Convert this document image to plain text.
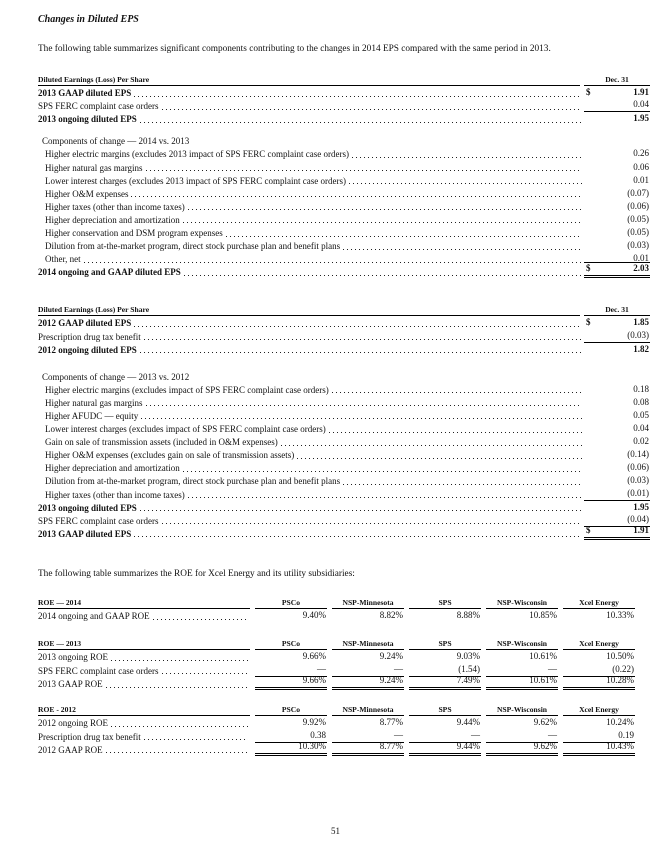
Changes in Diluted EPS
The following table summarizes significant components contributing to the changes in 2014 EPS compared with the same period in 2013.
Diluted Earnings (Loss) Per Share	Dec. 31
2013 GAAP diluted EPS	$	1.91
SPS FERC complaint case orders	0.04
2013 ongoing diluted EPS	1.95
Components of change — 2014 vs. 2013
Higher electric margins (excludes 2013 impact of SPS FERC complaint case orders)	0.26
Higher natural gas margins	0.06
Lower interest charges (excludes 2013 impact of SPS FERC complaint case orders)	0.01
Higher O&M expenses	(0.07)
Higher taxes (other than income taxes)	(0.06)
Higher depreciation and amortization	(0.05)
Higher conservation and DSM program expenses	(0.05)
Dilution from at-the-market program, direct stock purchase plan and benefit plans	(0.03)
Other, net	0.01
2014 ongoing and GAAP diluted EPS	$	2.03
Diluted Earnings (Loss) Per Share	Dec. 31
2012 GAAP diluted EPS	$	1.85
Prescription drug tax benefit	(0.03)
2012 ongoing diluted EPS	1.82
Components of change — 2013 vs. 2012
Higher electric margins (excludes impact of SPS FERC complaint case orders)	0.18
Higher natural gas margins	0.08
Higher AFUDC — equity	0.05
Lower interest charges (excludes impact of SPS FERC complaint case orders)	0.04
Gain on sale of transmission assets (included in O&M expenses)	0.02
Higher O&M expenses (excludes gain on sale of transmission assets)	(0.14)
Higher depreciation and amortization	(0.06)
Dilution from at-the-market program, direct stock purchase plan and benefit plans	(0.03)
Higher taxes (other than income taxes)	(0.01)
2013 ongoing diluted EPS	1.95
SPS FERC complaint case orders	(0.04)
2013 GAAP diluted EPS	$	1.91
The following table summarizes the ROE for Xcel Energy and its utility subsidiaries:
ROE — 2014	PSCo	NSP-Minnesota	SPS	NSP-Wisconsin	Xcel Energy
2014 ongoing and GAAP ROE	9.40%	8.82%	8.88%	10.85%	10.33%
ROE — 2013	PSCo	NSP-Minnesota	SPS	NSP-Wisconsin	Xcel Energy
2013 ongoing ROE	9.66%	9.24%	9.03%	10.61%	10.50%
SPS FERC complaint case orders	—	—	(1.54)	—	(0.22)
2013 GAAP ROE	9.66%	9.24%	7.49%	10.61%	10.28%
ROE - 2012	PSCo	NSP-Minnesota	SPS	NSP-Wisconsin	Xcel Energy
2012 ongoing ROE	9.92%	8.77%	9.44%	9.62%	10.24%
Prescription drug tax benefit	0.38	—	—	—	0.19
2012 GAAP ROE	10.30%	8.77%	9.44%	9.62%	10.43%
51
